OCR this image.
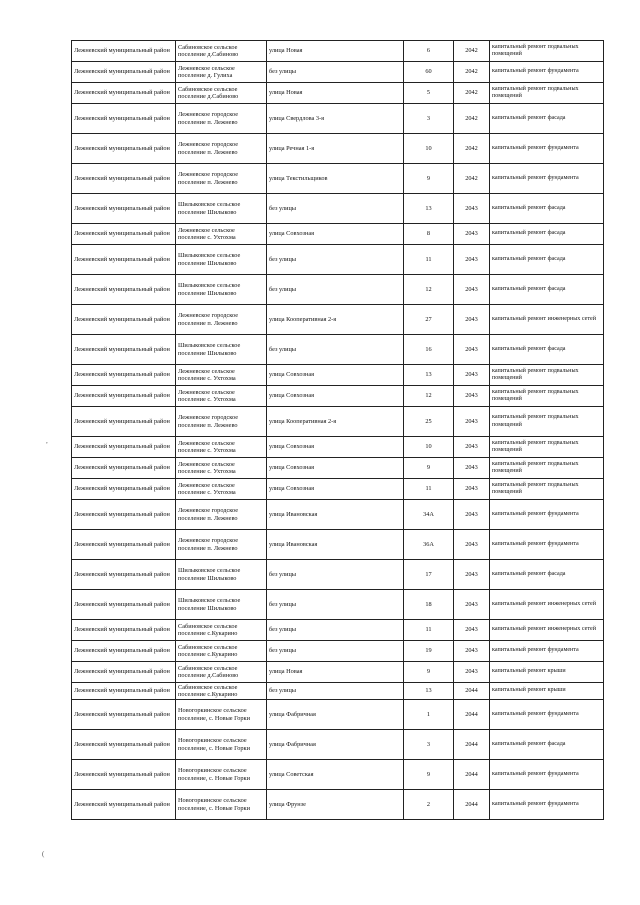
,
(
Лежневский муниципальный район	Сабиновское сельское поселение д.Сабиново	улица Новая	6	2042	капитальный ремонт подвальных помещений
Лежневский муниципальный район	Лежневское сельское поселение д. Гулиха	без улицы	60	2042	капитальный ремонт фундамента
Лежневский муниципальный район	Сабиновское сельское поселение д.Сабиново	улица Новая	5	2042	капитальный ремонт подвальных помещений
Лежневский муниципальный район	Лежневское городское поселение п. Лежнево	улица Свердлова 3-я	3	2042	капитальный ремонт фасада
Лежневский муниципальный район	Лежневское городское поселение п. Лежнево	улица Речная 1-я	10	2042	капитальный ремонт фундамента
Лежневский муниципальный район	Лежневское городское поселение п. Лежнево	улица Текстильщиков	9	2042	капитальный ремонт фундамента
Лежневский муниципальный район	Шилыковское сельское поселение Шилыково	без улицы	13	2043	капитальный ремонт фасада
Лежневский муниципальный район	Лежневское сельское поселение с. Ухтохма	улица Совхозная	8	2043	капитальный ремонт фасада
Лежневский муниципальный район	Шилыковское сельское поселение Шилыково	без улицы	11	2043	капитальный ремонт фасада
Лежневский муниципальный район	Шилыковское сельское поселение Шилыково	без улицы	12	2043	капитальный ремонт фасада
Лежневский муниципальный район	Лежневское городское поселение п. Лежнево	улица Кооперативная 2-я	27	2043	капитальный ремонт инженерных сетей
Лежневский муниципальный район	Шилыковское сельское поселение Шилыково	без улицы	16	2043	капитальный ремонт фасада
Лежневский муниципальный район	Лежневское сельское поселение с. Ухтохма	улица Совхозная	13	2043	капитальный ремонт подвальных помещений
Лежневский муниципальный район	Лежневское сельское поселение с. Ухтохма	улица Совхозная	12	2043	капитальный ремонт подвальных помещений
Лежневский муниципальный район	Лежневское городское поселение п. Лежнево	улица Кооперативная 2-я	25	2043	капитальный ремонт подвальных помещений
Лежневский муниципальный район	Лежневское сельское поселение с. Ухтохма	улица Совхозная	10	2043	капитальный ремонт подвальных помещений
Лежневский муниципальный район	Лежневское сельское поселение с. Ухтохма	улица Совхозная	9	2043	капитальный ремонт подвальных помещений
Лежневский муниципальный район	Лежневское сельское поселение с. Ухтохма	улица Совхозная	11	2043	капитальный ремонт подвальных помещений
Лежневский муниципальный район	Лежневское городское поселение п. Лежнево	улица Ивановская	34А	2043	капитальный ремонт фундамента
Лежневский муниципальный район	Лежневское городское поселение п. Лежнево	улица Ивановская	36А	2043	капитальный ремонт фундамента
Лежневский муниципальный район	Шилыковское сельское поселение Шилыково	без улицы	17	2043	капитальный ремонт фасада
Лежневский муниципальный район	Шилыковское сельское поселение Шилыково	без улицы	18	2043	капитальный ремонт инженерных сетей
Лежневский муниципальный район	Сабиновское сельское поселение с.Кукарино	без улицы	11	2043	капитальный ремонт инженерных сетей
Лежневский муниципальный район	Сабиновское сельское поселение с.Кукарино	без улицы	19	2043	капитальный ремонт фундамента
Лежневский муниципальный район	Сабиновское сельское поселение д.Сабиново	улица Новая	9	2043	капитальный ремонт крыши
Лежневский муниципальный район	Сабиновское сельское поселение с.Кукарино	без улицы	13	2044	капитальный ремонт крыши
Лежневский муниципальный район	Новогоркинское сельское поселение, с. Новые Горки	улица Фабричная	1	2044	капитальный ремонт фундамента
Лежневский муниципальный район	Новогоркинское сельское поселение, с. Новые Горки	улица Фабричная	3	2044	капитальный ремонт фасада
Лежневский муниципальный район	Новогоркинское сельское поселение, с. Новые Горки	улица Советская	9	2044	капитальный ремонт фундамента
Лежневский муниципальный район	Новогоркинское сельское поселение, с. Новые Горки	улица Фрунзе	2	2044	капитальный ремонт фундамента
